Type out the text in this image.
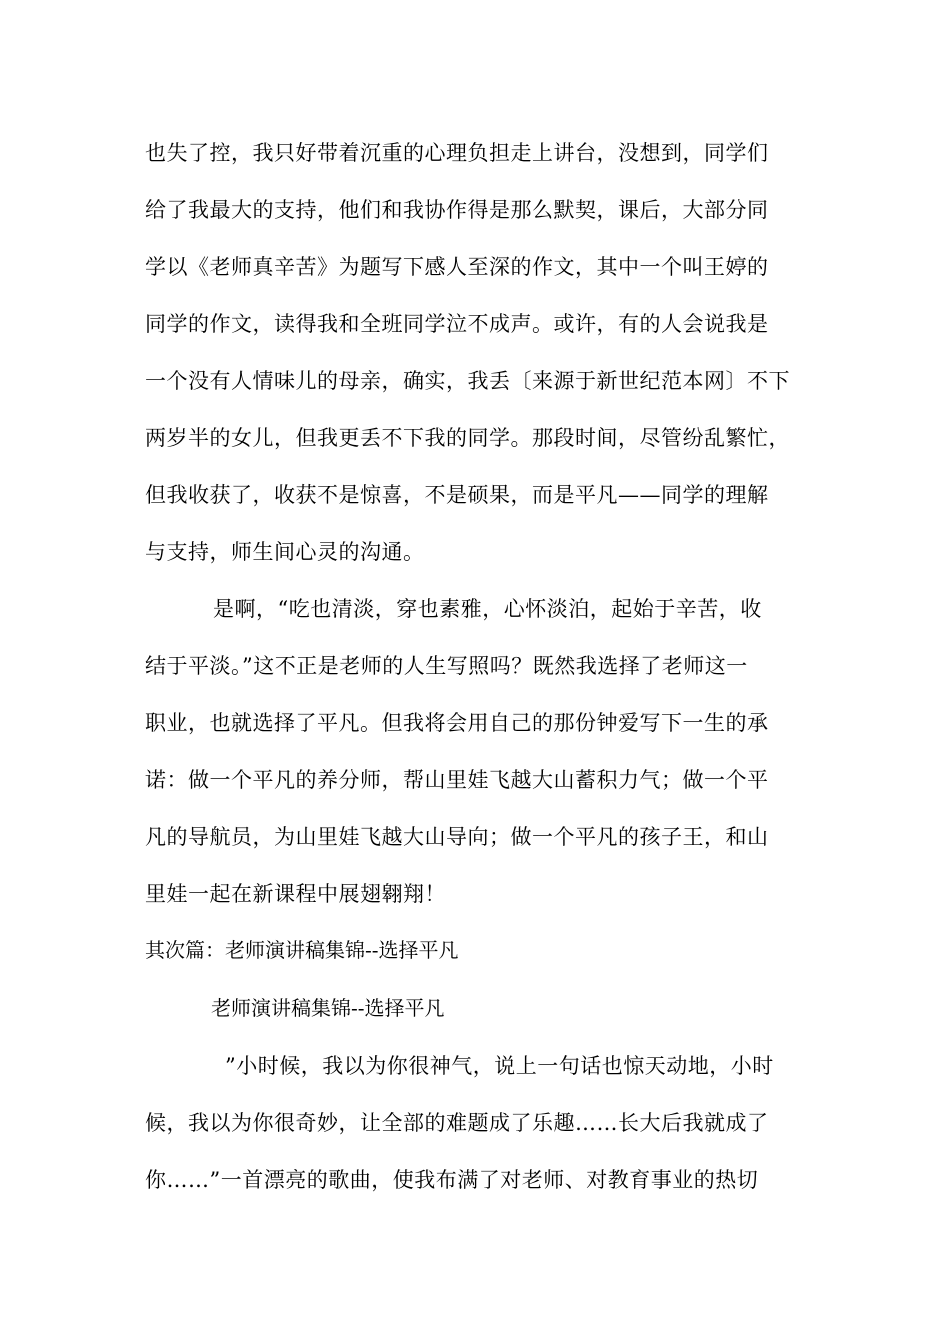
也失了控，我只好带着沉重的心理负担走上讲台，没想到，同学们
给了我最大的支持，他们和我协作得是那么默契，课后，大部分同
学以《老师真辛苦》为题写下感人至深的作文，其中一个叫王婷的
同学的作文，读得我和全班同学泣不成声。或许，有的人会说我是
一个没有人情味儿的母亲，确实，我丢〔来源于新世纪范本网〕不下
两岁半的女儿，但我更丢不下我的同学。那段时间，尽管纷乱繁忙，
但我收获了，收获不是惊喜，不是硕果，而是平凡——同学的理解
与支持，师生间心灵的沟通。
是啊，“吃也清淡，穿也素雅，心怀淡泊，起始于辛苦，收
结于平淡。”这不正是老师的人生写照吗？既然我选择了老师这一
职业，也就选择了平凡。但我将会用自己的那份钟爱写下一生的承
诺：做一个平凡的养分师，帮山里娃飞越大山蓄积力气；做一个平
凡的导航员，为山里娃飞越大山导向；做一个平凡的孩子王，和山
里娃一起在新课程中展翅翱翔！
其次篇：老师演讲稿集锦--选择平凡
老师演讲稿集锦--选择平凡
”小时候，我以为你很神气，说上一句话也惊天动地，小时
候，我以为你很奇妙，让全部的难题成了乐趣……长大后我就成了
你……”一首漂亮的歌曲，使我布满了对老师、对教育事业的热切
